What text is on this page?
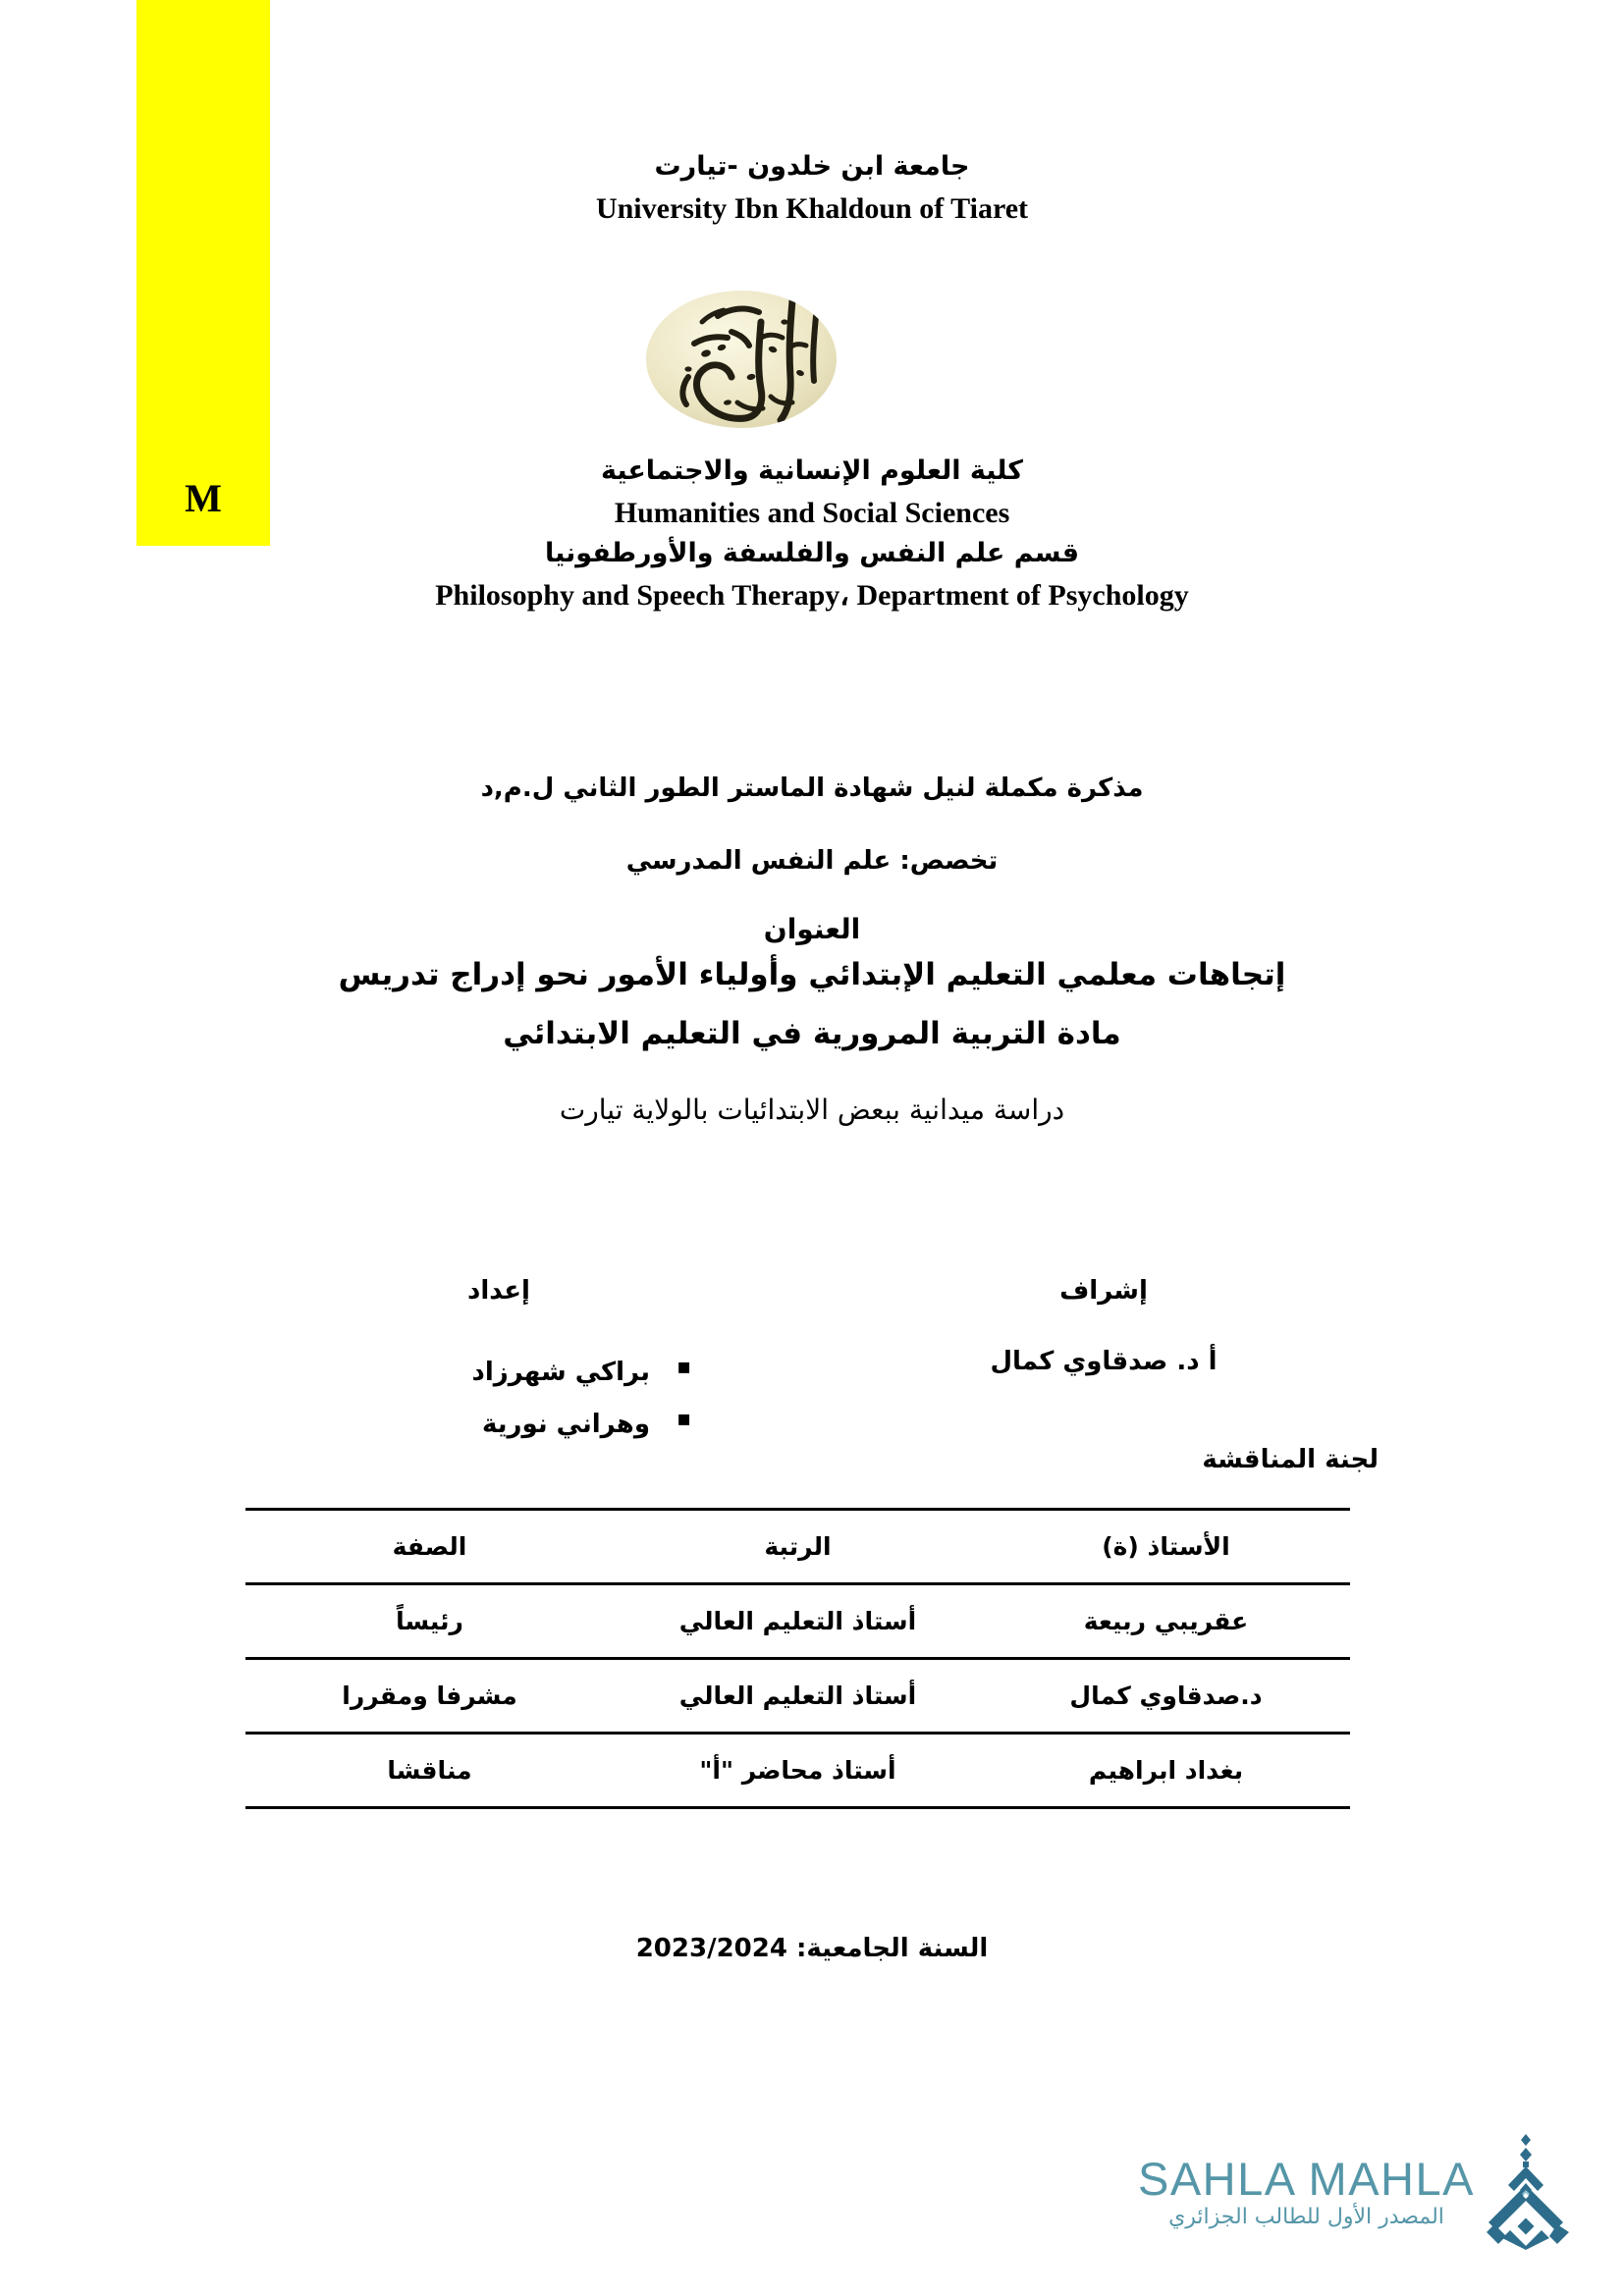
M
جامعة ابن خلدون -تيارت
University Ibn Khaldoun of Tiaret
كلية العلوم الإنسانية والاجتماعية
Humanities and Social Sciences
قسم علم النفس والفلسفة والأورطفونيا
Philosophy and Speech Therapy، Department of Psychology
مذكرة مكملة لنيل شهادة الماستر الطور الثاني ل.م,د
تخصص: علم النفس المدرسي
العنوان
إتجاهات معلمي التعليم الإبتدائي وأولياء الأمور نحو إدراج تدريس
مادة التربية المرورية في التعليم الابتدائي
دراسة ميدانية ببعض الابتدائيات بالولاية تيارت
إشراف
أ د. صدقاوي كمال
إعداد
▪ براكي شهرزاد
▪ وهراني نورية
لجنة المناقشة
الأستاذ (ة)	الرتبة	الصفة
عقريبي ربيعة	أستاذ التعليم العالي	رئيساً
د.صدقاوي كمال	أستاذ التعليم العالي	مشرفا ومقررا
بغداد ابراهيم	أستاذ محاضر "أ"	مناقشا
السنة الجامعية: 2023/2024
SAHLA MAHLA
المصدر الأول للطالب الجزائري
